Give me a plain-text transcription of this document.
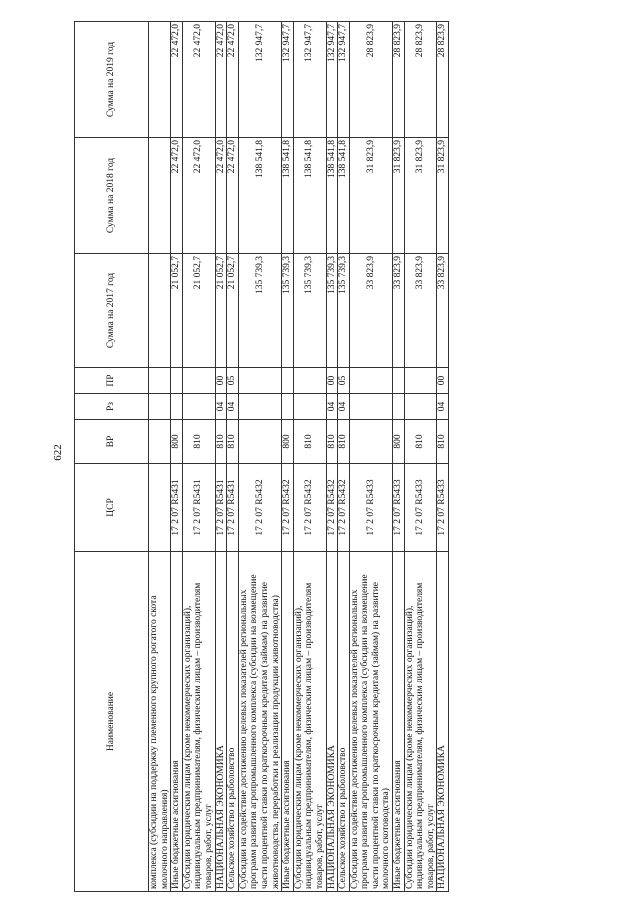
622
Наименование	ЦСР	ВР	Рз	ПР	Сумма на 2017 год	Сумма на 2018 год	Сумма на 2019 год
комплекса (субсидии на поддержку племенного крупного рогатого скота молочного направления)							
Иные бюджетные ассигнования	17 2 07 R5431	800			21 052,7	22 472,0	22 472,0
Субсидии юридическим лицам (кроме некоммерческих организаций), индивидуальным предпринимателям, физическим лицам – производителям товаров, работ, услуг	17 2 07 R5431	810			21 052,7	22 472,0	22 472,0
НАЦИОНАЛЬНАЯ ЭКОНОМИКА	17 2 07 R5431	810	04	00	21 052,7	22 472,0	22 472,0
Сельское хозяйство и рыболовство	17 2 07 R5431	810	04	05	21 052,7	22 472,0	22 472,0
Субсидии на содействие достижению целевых показателей региональных программ развития агропромышленного комплекса (субсидии на возмещение части процентной ставки по краткосрочным кредитам (займам) на развитие животноводства, переработки и реализации продукции животноводства)	17 2 07 R5432				135 739,3	138 541,8	132 947,7
Иные бюджетные ассигнования	17 2 07 R5432	800			135 739,3	138 541,8	132 947,7
Субсидии юридическим лицам (кроме некоммерческих организаций), индивидуальным предпринимателям, физическим лицам – производителям товаров, работ, услуг	17 2 07 R5432	810			135 739,3	138 541,8	132 947,7
НАЦИОНАЛЬНАЯ ЭКОНОМИКА	17 2 07 R5432	810	04	00	135 739,3	138 541,8	132 947,7
Сельское хозяйство и рыболовство	17 2 07 R5432	810	04	05	135 739,3	138 541,8	132 947,7
Субсидии на содействие достижению целевых показателей региональных программ развития агропромышленного комплекса (субсидии на возмещение части процентной ставки по краткосрочным кредитам (займам) на развитие молочного скотоводства)	17 2 07 R5433				33 823,9	31 823,9	28 823,9
Иные бюджетные ассигнования	17 2 07 R5433	800			33 823,9	31 823,9	28 823,9
Субсидии юридическим лицам (кроме некоммерческих организаций), индивидуальным предпринимателям, физическим лицам – производителям товаров, работ, услуг	17 2 07 R5433	810			33 823,9	31 823,9	28 823,9
НАЦИОНАЛЬНАЯ ЭКОНОМИКА	17 2 07 R5433	810	04	00	33 823,9	31 823,9	28 823,9
